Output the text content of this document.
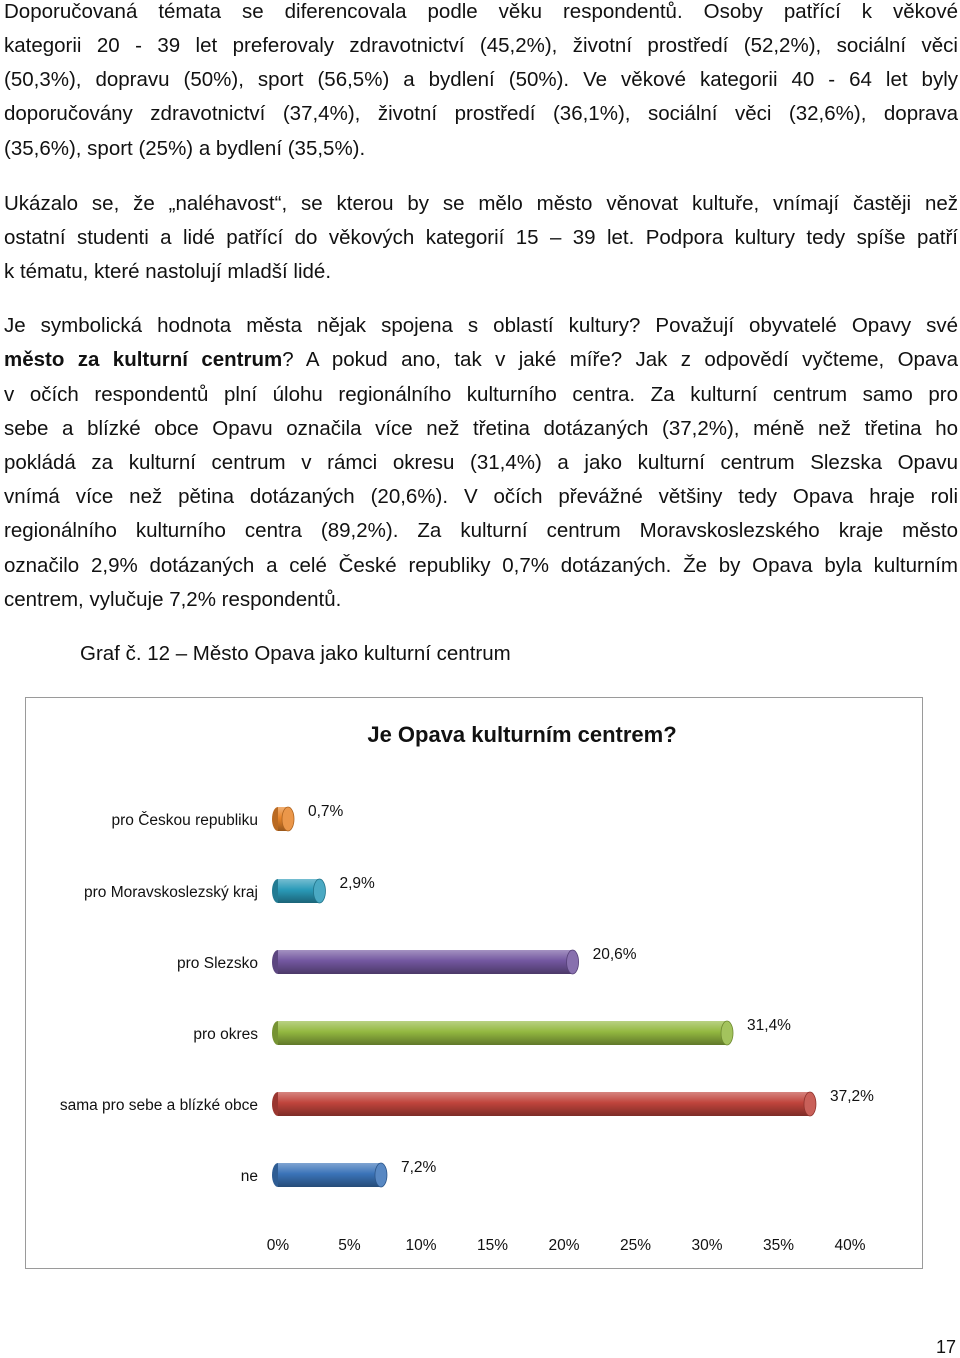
Doporučovaná témata se diferencovala podle věku respondentů. Osoby patřící k věkové
kategorii 20 - 39 let preferovaly zdravotnictví (45,2%), životní prostředí (52,2%), sociální věci
(50,3%), dopravu (50%), sport (56,5%) a bydlení (50%). Ve věkové kategorii 40 - 64 let byly
doporučovány zdravotnictví (37,4%), životní prostředí (36,1%), sociální věci (32,6%), doprava
(35,6%), sport (25%) a bydlení (35,5%).
Ukázalo se, že „naléhavost“, se kterou by se mělo město věnovat kultuře, vnímají častěji než
ostatní studenti a lidé patřící do věkových kategorií 15 – 39 let. Podpora kultury tedy spíše patří
k tématu, které nastolují mladší lidé.
Je symbolická hodnota města nějak spojena s oblastí kultury? Považují obyvatelé Opavy své
město za kulturní centrum? A pokud ano, tak v jaké míře? Jak z odpovědí vyčteme, Opava
v očích respondentů plní úlohu regionálního kulturního centra. Za kulturní centrum samo pro
sebe a blízké obce Opavu označila více než třetina dotázaných (37,2%), méně než třetina ho
pokládá za kulturní centrum v rámci okresu (31,4%) a jako kulturní centrum Slezska Opavu
vnímá více než pětina dotázaných (20,6%). V očích převážné většiny tedy Opava hraje roli
regionálního kulturního centra (89,2%). Za kulturní centrum Moravskoslezského kraje město
označilo 2,9% dotázaných a celé České republiky 0,7% dotázaných. Že by Opava byla kulturním
centrem, vylučuje 7,2% respondentů.
Graf č. 12 – Město Opava jako kulturní centrum
Je Opava kulturním centrem?
pro Českou republiku
0,7%
pro Moravskoslezský kraj
2,9%
pro Slezsko
20,6%
pro okres
31,4%
sama pro sebe a blízké obce
37,2%
ne
7,2%
0%	5%	10%	15%	20%	25%	30%	35%	40%
17
